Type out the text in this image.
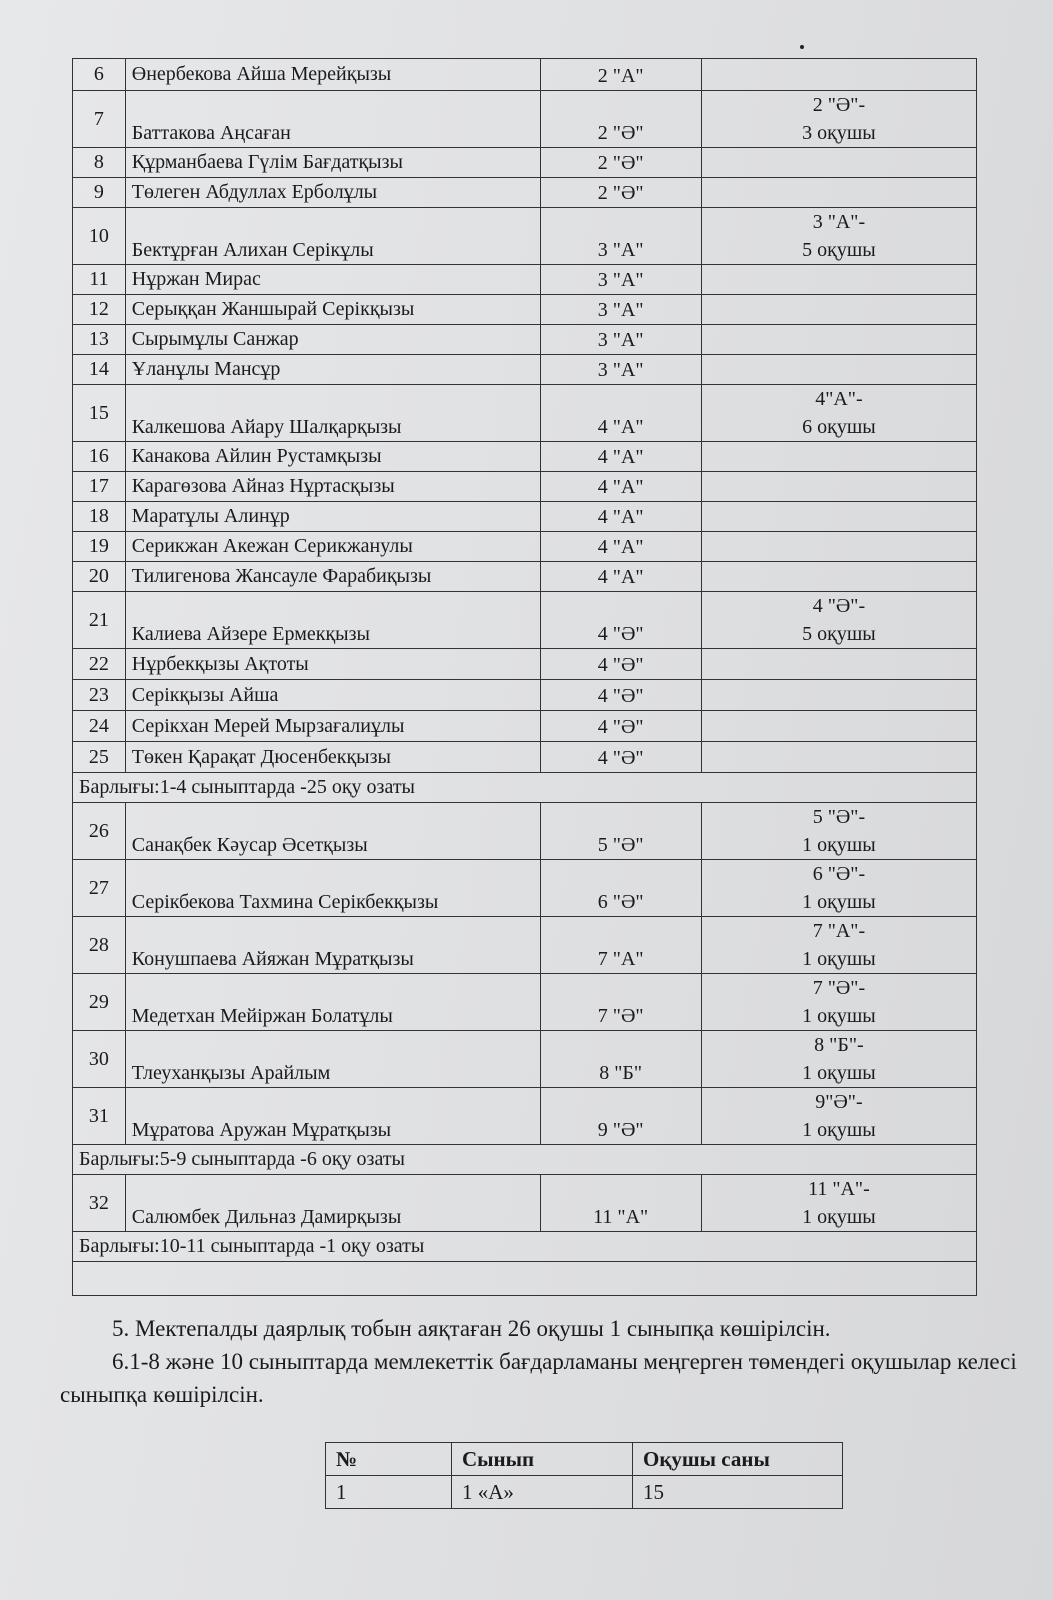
6	Өнербекова Айша Мерейқызы	2 "А"	

7	Баттакова Аңсаған	2 "Ә"	2 "Ә"-
3 оқушы

8	Құрманбаева Гүлім Бағдатқызы	2 "Ә"	

9	Төлеген Абдуллах Ерболұлы	2 "Ә"	

10	Бектұрған Алихан Серікұлы	3 "А"	3 "А"-
5 оқушы

11	Нұржан Мирас	3 "А"	

12	Серыққан Жаншырай Серікқызы	3 "А"	

13	Сырымұлы Санжар	3 "А"	

14	Ұланұлы Мансұр	3 "А"	

15	Калкешова Айару Шалқарқызы	4 "А"	4"А"-
6 оқушы

16	Канакова Айлин Рустамқызы	4 "А"	

17	Карагөзова Айназ Нұртасқызы	4 "А"	

18	Маратұлы Алинұр	4 "А"	

19	Серикжан Акежан Серикжанулы	4 "А"	

20	Тилигенова Жансауле Фарабиқызы	4 "А"	

21	Калиева Айзере Ермекқызы	4 "Ә"	4 "Ә"-
5 оқушы

22	Нұрбекқызы Ақтоты	4 "Ә"	

23	Серікқызы Айша	4 "Ә"	

24	Серікхан Мерей Мырзағалиұлы	4 "Ә"	

25	Төкен Қарақат Дюсенбекқызы	4 "Ә"	

Барлығы:1-4 сыныптарда -25 оқу озаты			
26	Санақбек Кәусар Әсетқызы	5 "Ә"	5 "Ә"-
1 оқушы

27	Серікбекова Тахмина Серікбекқызы	6 "Ә"	6 "Ә"-
1 оқушы

28	Конушпаева Айяжан Мұратқызы	7 "А"	7 "А"-
1 оқушы

29	Медетхан Мейіржан Болатұлы	7 "Ә"	7 "Ә"-
1 оқушы

30	Тлеуханқызы Арайлым	8 "Б"	8 "Б"-
1 оқушы

31	Мұратова Аружан Мұратқызы	9 "Ә"	9"Ә"-
1 оқушы

Барлығы:5-9 сыныптарда -6 оқу озаты			
32	Салюмбек Дильназ Дамирқызы	11 "А"	11 "А"-
1 оқушы

Барлығы:10-11 сыныптарда -1 оқу озаты			

5. Мектепалды даярлық тобын аяқтаған 26 оқушы 1 сыныпқа көшірілсін.

6.1-8 және 10 сыныптарда мемлекеттік бағдарламаны меңгерген төмендегі оқушылар келесі сыныпқа көшірілсін.

№	Сынып	Оқушы саны
1	1 «А»	15
